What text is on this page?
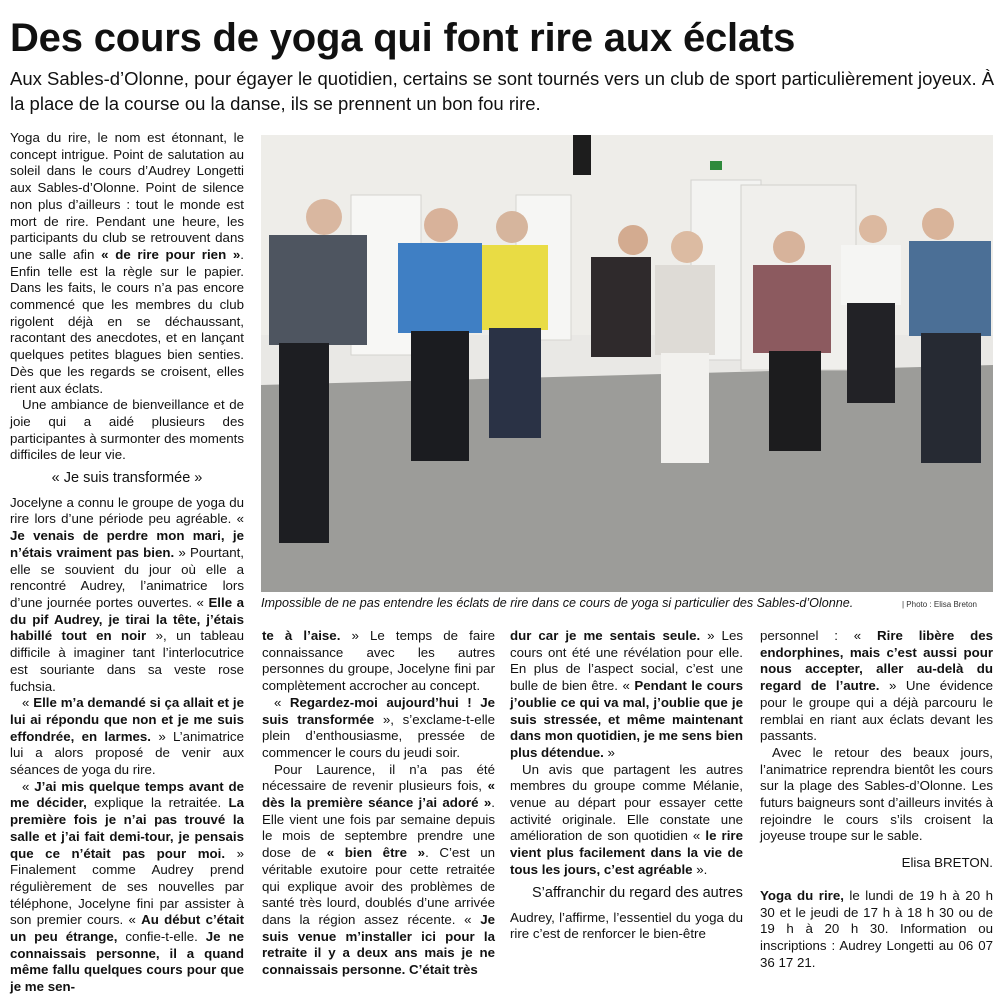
Des cours de yoga qui font rire aux éclats
Aux Sables-d’Olonne, pour égayer le quotidien, certains se sont tournés vers un club de sport particulièrement joyeux. À la place de la course ou la danse, ils se prennent un bon fou rire.

Yoga du rire, le nom est étonnant, le concept intrigue. Point de salutation au soleil dans le cours d’Audrey Longetti aux Sables-d’Olonne. Point de silence non plus d’ailleurs : tout le monde est mort de rire. Pendant une heure, les participants du club se retrouvent dans une salle afin « de rire pour rien ». Enfin telle est la règle sur le papier. Dans les faits, le cours n’a pas encore commencé que les membres du club rigolent déjà en se déchaussant, racontant des anecdotes, et en lançant quelques petites blagues bien senties. Dès que les regards se croisent, elles rient aux éclats.

Une ambiance de bienveillance et de joie qui a aidé plusieurs des participantes à surmonter des moments difficiles de leur vie.

« Je suis transformée »

Jocelyne a connu le groupe de yoga du rire lors d’une période peu agréable. « Je venais de perdre mon mari, je n’étais vraiment pas bien. » Pourtant, elle se souvient du jour où elle a rencontré Audrey, l’animatrice lors d’une journée portes ouvertes. « Elle a du pif Audrey, je tirai la tête, j’étais habillé tout en noir », un tableau difficile à imaginer tant l’interlocutrice est souriante dans sa veste rose fuchsia.

« Elle m’a demandé si ça allait et je lui ai répondu que non et je me suis effondrée, en larmes. » L’animatrice lui a alors proposé de venir aux séances de yoga du rire.

« J’ai mis quelque temps avant de me décider, explique la retraitée. La première fois je n’ai pas trouvé la salle et j’ai fait demi-tour, je pensais que ce n’était pas pour moi. » Finalement comme Audrey prend régulièrement de ses nouvelles par téléphone, Jocelyne fini par assister à son premier cours. « Au début c’était un peu étrange, confie-t-elle. Je ne connaissais personne, il a quand même fallu quelques cours pour que je me sen-

Impossible de ne pas entendre les éclats de rire dans ce cours de yoga si particulier des Sables-d’Olonne.	| Photo : Elisa Breton

te à l’aise. » Le temps de faire connaissance avec les autres personnes du groupe, Jocelyne fini par complètement accrocher au concept.

« Regardez-moi aujourd’hui ! Je suis transformée », s’exclame-t-elle plein d’enthousiasme, pressée de commencer le cours du jeudi soir.

Pour Laurence, il n’a pas été nécessaire de revenir plusieurs fois, « dès la première séance j’ai adoré ». Elle vient une fois par semaine depuis le mois de septembre prendre une dose de « bien être ». C’est un véritable exutoire pour cette retraitée qui explique avoir des problèmes de santé très lourd, doublés d’une arrivée dans la région assez récente. « Je suis venue m’installer ici pour la retraite il y a deux ans mais je ne connaissais personne. C’était très

dur car je me sentais seule. » Les cours ont été une révélation pour elle. En plus de l’aspect social, c’est une bulle de bien être. « Pendant le cours j’oublie ce qui va mal, j’oublie que je suis stressée, et même maintenant dans mon quotidien, je me sens bien plus détendue. »

Un avis que partagent les autres membres du groupe comme Mélanie, venue au départ pour essayer cette activité originale. Elle constate une amélioration de son quotidien « le rire vient plus facilement dans la vie de tous les jours, c’est agréable ».

S’affranchir du regard des autres

Audrey, l’affirme, l’essentiel du yoga du rire c’est de renforcer le bien-être

personnel : « Rire libère des endorphines, mais c’est aussi pour nous accepter, aller au-delà du regard de l’autre. » Une évidence pour le groupe qui a déjà parcouru le remblai en riant aux éclats devant les passants.

Avec le retour des beaux jours, l’animatrice reprendra bientôt les cours sur la plage des Sables-d’Olonne. Les futurs baigneurs sont d’ailleurs invités à rejoindre le cours s’ils croisent la joyeuse troupe sur le sable.

Elisa BRETON.

Yoga du rire, le lundi de 19 h à 20 h 30 et le jeudi de 17 h à 18 h 30 ou de 19 h à 20 h 30. Information ou inscriptions : Audrey Longetti au 06 07 36 17 21.
